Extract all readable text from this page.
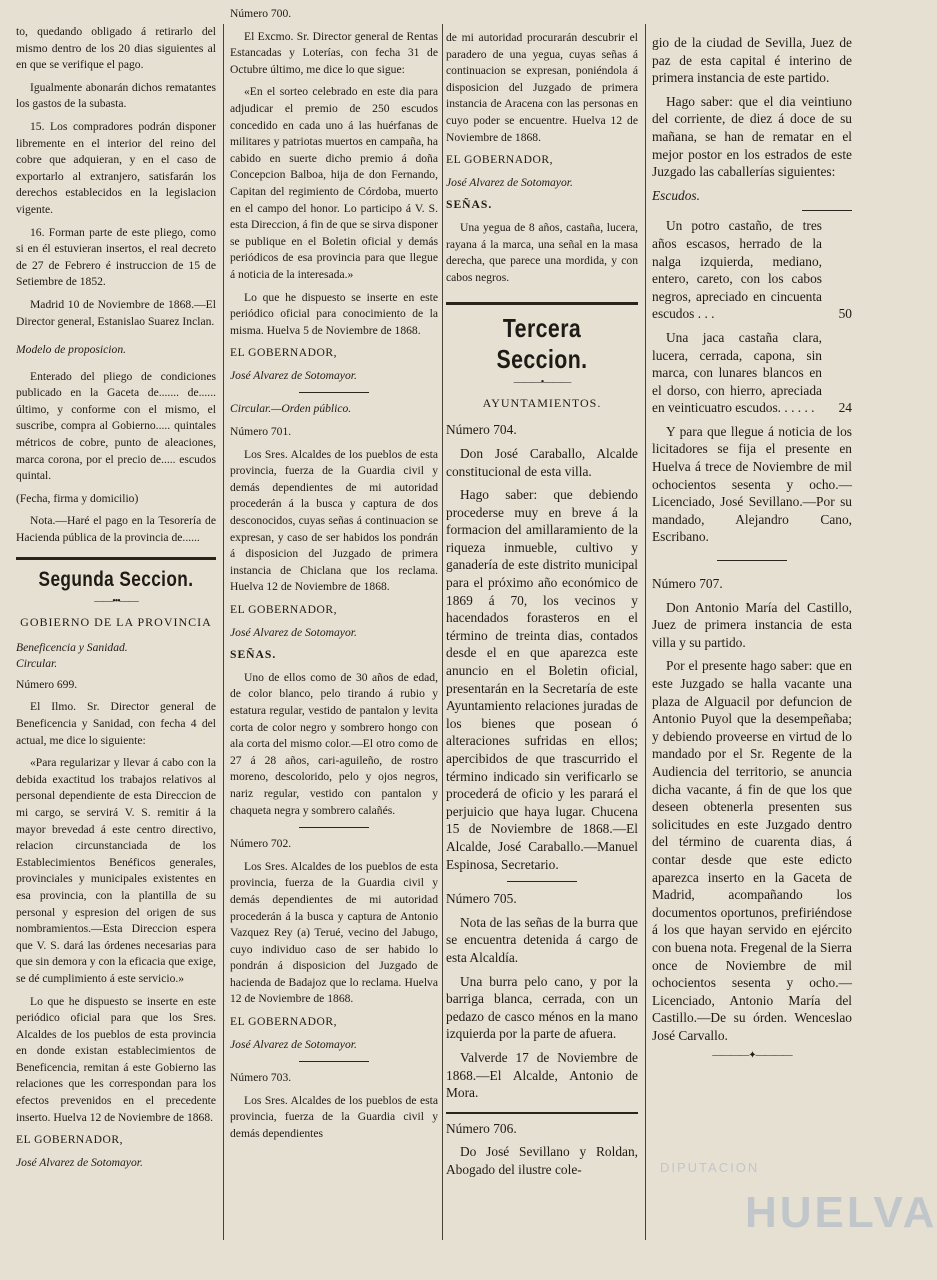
to, quedando obligado á retirarlo del mismo dentro de los 20 dias siguientes al en que se verifique el pago.

Igualmente abonarán dichos rematantes los gastos de la subasta.

15. Los compradores podrán disponer libremente en el interior del reino del cobre que adquieran, y en el caso de exportarlo al extranjero, satisfarán los derechos establecidos en la legislacion vigente.

16. Forman parte de este pliego, como si en él estuvieran insertos, el real decreto de 27 de Febrero é instruccion de 15 de Setiembre de 1852.

Madrid 10 de Noviembre de 1868.—El Director general, Estanislao Suarez Inclan.

Modelo de proposicion.

Enterado del pliego de condiciones publicado en la Gaceta de....... de...... último, y conforme con el mismo, el suscribe, compra al Gobierno..... quintales métricos de cobre, punto de aleaciones, marca corona, por el precio de..... escudos quintal.

(Fecha, firma y domicilio)

Nota.—Haré el pago en la Tesorería de Hacienda pública de la provincia de......

Segunda Seccion.
——•••——
GOBIERNO DE LA PROVINCIA

Beneficencia y Sanidad.

Circular.

Número 699.

El Ilmo. Sr. Director general de Beneficencia y Sanidad, con fecha 4 del actual, me dice lo siguiente:

«Para regularizar y llevar á cabo con la debida exactitud los trabajos relativos al personal dependiente de esta Direccion de mi cargo, se servirá V. S. remitir á la mayor brevedad á este centro directivo, relacion circunstanciada de los Establecimientos Benéficos generales, provinciales y municipales existentes en esa provincia, con la plantilla de su personal y espresion del origen de sus nombramientos.—Esta Direccion espera que V. S. dará las órdenes necesarias para que sin demora y con la eficacia que exige, se dé cumplimiento á este servicio.»

Lo que he dispuesto se inserte en este periódico oficial para que los Sres. Alcaldes de los pueblos de esta provincia en donde existan establecimientos de Beneficencia, remitan á este Gobierno las relaciones que les correspondan para los efectos prevenidos en el precedente inserto. Huelva 12 de Noviembre de 1868.

EL GOBERNADOR,

José Alvarez de Sotomayor.

Número 700.

El Excmo. Sr. Director general de Rentas Estancadas y Loterías, con fecha 31 de Octubre último, me dice lo que sigue:

«En el sorteo celebrado en este dia para adjudicar el premio de 250 escudos concedido en cada uno á las huérfanas de militares y patriotas muertos en campaña, ha cabido en suerte dicho premio á doña Concepcion Balboa, hija de don Fernando, Capitan del regimiento de Córdoba, muerto en el campo del honor. Lo participo á V. S. esta Direccion, á fin de que se sirva disponer se publique en el Boletin oficial y demás periódicos de esa provincia para que llegue á noticia de la interesada.»

Lo que he dispuesto se inserte en este periódico oficial para conocimiento de la misma. Huelva 5 de Noviembre de 1868.

EL GOBERNADOR,

José Alvarez de Sotomayor.

Circular.—Orden público.

Número 701.

Los Sres. Alcaldes de los pueblos de esta provincia, fuerza de la Guardia civil y demás dependientes de mi autoridad procederán á la busca y captura de dos desconocidos, cuyas señas á continuacion se expresan, y caso de ser habidos los pondrán á disposicion del Juzgado de primera instancia de Chiclana que los reclama. Huelva 12 de Noviembre de 1868.

EL GOBERNADOR,

José Alvarez de Sotomayor.

SEÑAS.

Uno de ellos como de 30 años de edad, de color blanco, pelo tirando á rubio y estatura regular, vestido de pantalon y levita corta de color negro y sombrero hongo con ala corta del mismo color.—El otro como de 27 á 28 años, cari-aguileño, de rostro moreno, descolorido, pelo y ojos negros, nariz regular, vestido con pantalon y chaqueta negra y sombrero calañés.

Número 702.

Los Sres. Alcaldes de los pueblos de esta provincia, fuerza de la Guardia civil y demás dependientes de mi autoridad procederán á la busca y captura de Antonio Vazquez Rey (a) Terué, vecino del Jabugo, cuyo individuo caso de ser habido lo pondrán á disposicion del Juzgado de hacienda de Badajoz que lo reclama. Huelva 12 de Noviembre de 1868.

EL GOBERNADOR,

José Alvarez de Sotomayor.

Número 703.

Los Sres. Alcaldes de los pueblos de esta provincia, fuerza de la Guardia civil y demás dependientes

de mi autoridad procurarán descubrir el paradero de una yegua, cuyas señas á continuacion se expresan, poniéndola á disposicion del Juzgado de primera instancia de Aracena con las personas en cuyo poder se encuentre. Huelva 12 de Noviembre de 1868.

EL GOBERNADOR,

José Alvarez de Sotomayor.

SEÑAS.

Una yegua de 8 años, castaña, lucera, rayana á la marca, una señal en la masa derecha, que parece una mordida, y con cabos negros.

Tercera Seccion.
———•———
AYUNTAMIENTOS.

Número 704.

Don José Caraballo, Alcalde constitucional de esta villa.

Hago saber: que debiendo procederse muy en breve á la formacion del amillaramiento de la riqueza inmueble, cultivo y ganadería de este distrito municipal para el próximo año económico de 1869 á 70, los vecinos y hacendados forasteros en el término de treinta dias, contados desde el en que aparezca este anuncio en el Boletin oficial, presentarán en la Secretaría de este Ayuntamiento relaciones juradas de los bienes que posean ó alteraciones sufridas en ellos; apercibidos de que trascurrido el término indicado sin verificarlo se procederá de oficio y les parará el perjuicio que haya lugar. Chucena 15 de Noviembre de 1868.—El Alcalde, José Caraballo.—Manuel Espinosa, Secretario.

Número 705.

Nota de las señas de la burra que se encuentra detenida á cargo de esta Alcaldía.

Una burra pelo cano, y por la barriga blanca, cerrada, con un pedazo de casco ménos en la mano izquierda por la parte de afuera.

Valverde 17 de Noviembre de 1868.—El Alcalde, Antonio de Mora.

Número 706.

Do José Sevillano y Roldan, Abogado del ilustre cole-

gio de la ciudad de Sevilla, Juez de paz de esta capital é interino de primera instancia de este partido.

Hago saber: que el dia veintiuno del corriente, de diez á doce de su mañana, se han de rematar en el mejor postor en los estrados de este Juzgado las caballerías siguientes:

Escudos.

Un potro castaño, de tres años escasos, herrado de la nalga izquierda, mediano, entero, careto, con los cabos negros, apreciado en cincuenta escudos . . .	50

Una jaca castaña clara, lucera, cerrada, capona, sin marca, con lunares blancos en el dorso, con hierro, apreciada en veinticuatro escudos. . . . . .	24

Y para que llegue á noticia de los licitadores se fija el presente en Huelva á trece de Noviembre de mil ochocientos sesenta y ocho.—Licenciado, José Sevillano.—Por su mandado, Alejandro Cano, Escribano.

Número 707.

Don Antonio María del Castillo, Juez de primera instancia de esta villa y su partido.

Por el presente hago saber: que en este Juzgado se halla vacante una plaza de Alguacil por defuncion de Antonio Puyol que la desempeñaba; y debiendo proveerse en virtud de lo mandado por el Sr. Regente de la Audiencia del territorio, se anuncia dicha vacante, á fin de que los que deseen obtenerla presenten sus solicitudes en este Juzgado dentro del término de cuarenta dias, á contar desde que este edicto aparezca inserto en la Gaceta de Madrid, acompañando los documentos oportunos, prefiriéndose á los que hayan servido en ejército con buena nota. Fregenal de la Sierra once de Noviembre de mil ochocientos sesenta y ocho.—Licenciado, Antonio María del Castillo.—De su órden. Wenceslao José Carvallo.

————✦————
DIPUTACION
HUELVA
